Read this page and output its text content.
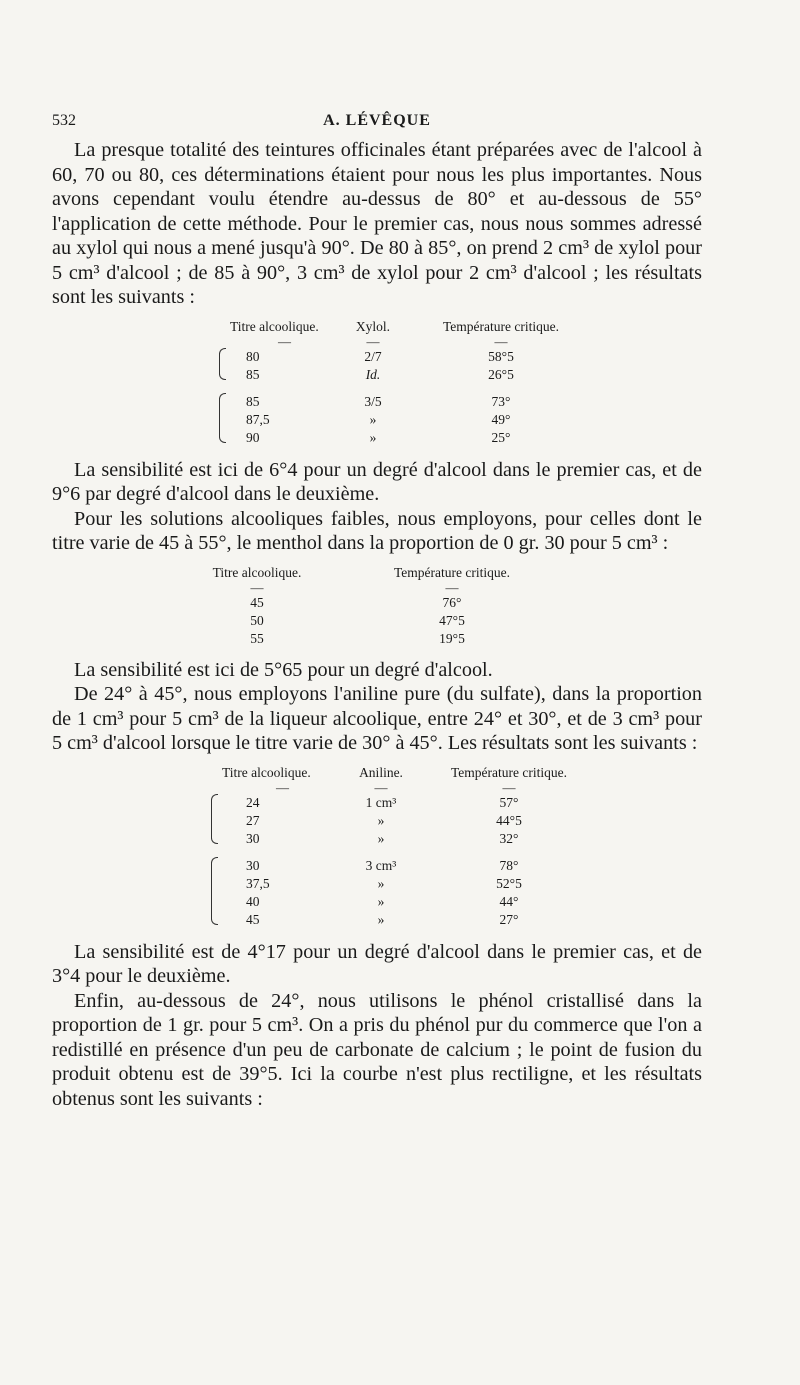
532	A. LÉVÊQUE

La presque totalité des teintures officinales étant préparées avec de l'alcool à 60, 70 ou 80, ces déterminations étaient pour nous les plus importantes. Nous avons cependant voulu étendre au-dessus de 80° et au-dessous de 55° l'application de cette méthode. Pour le premier cas, nous nous sommes adressé au xylol qui nous a mené jusqu'à 90°. De 80 à 85°, on prend 2 cm³ de xylol pour 5 cm³ d'alcool ; de 85 à 90°, 3 cm³ de xylol pour 2 cm³ d'alcool ; les résultats sont les suivants :

	Titre alcoolique.	Xylol.	Température critique.
	—	—	—
	80	2/7	58°5
	85	Id.	26°5

	85	3/5	73°
	87,5	»	49°
	90	»	25°

La sensibilité est ici de 6°4 pour un degré d'alcool dans le premier cas, et de 9°6 par degré d'alcool dans le deuxième.

Pour les solutions alcooliques faibles, nous employons, pour celles dont le titre varie de 45 à 55°, le menthol dans la proportion de 0 gr. 30 pour 5 cm³ :

Titre alcoolique.	Température critique.
—	—
45	76°
50	47°5
55	19°5

La sensibilité est ici de 5°65 pour un degré d'alcool.

De 24° à 45°, nous employons l'aniline pure (du sulfate), dans la proportion de 1 cm³ pour 5 cm³ de la liqueur alcoolique, entre 24° et 30°, et de 3 cm³ pour 5 cm³ d'alcool lorsque le titre varie de 30° à 45°. Les résultats sont les suivants :

	Titre alcoolique.	Aniline.	Température critique.
	—	—	—
	24	1 cm³	57°
	27	»	44°5
	30	»	32°

	30	3 cm³	78°
	37,5	»	52°5
	40	»	44°
	45	»	27°

La sensibilité est de 4°17 pour un degré d'alcool dans le premier cas, et de 3°4 pour le deuxième.

Enfin, au-dessous de 24°, nous utilisons le phénol cristallisé dans la proportion de 1 gr. pour 5 cm³. On a pris du phénol pur du commerce que l'on a redistillé en présence d'un peu de carbonate de calcium ; le point de fusion du produit obtenu est de 39°5. Ici la courbe n'est plus rectiligne, et les résultats obtenus sont les suivants :
